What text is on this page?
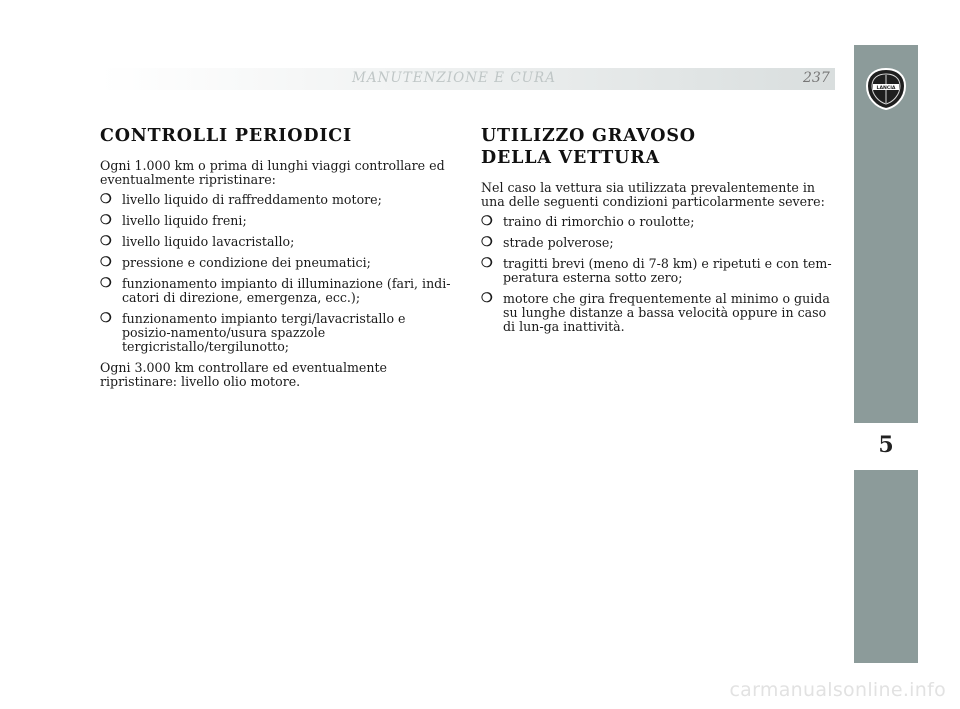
MANUTENZIONE E CURA	237
5
LANCIA
CONTROLLI PERIODICI

Ogni 1.000 km o prima di lunghi viaggi controllare ed eventualmente ripristinare:

❍ livello liquido di raffreddamento motore;
❍ livello liquido freni;
❍ livello liquido lavacristallo;
❍ pressione e condizione dei pneumatici;
❍ funzionamento impianto di illuminazione (fari, indi-catori di direzione, emergenza, ecc.);
❍ funzionamento impianto tergi/lavacristallo e posizio-namento/usura spazzole tergicristallo/tergilunotto;

Ogni 3.000 km controllare ed eventualmente ripristinare: livello olio motore.

UTILIZZO GRAVOSO
DELLA VETTURA

Nel caso la vettura sia utilizzata prevalentemente in una delle seguenti condizioni particolarmente severe:

❍ traino di rimorchio o roulotte;
❍ strade polverose;
❍ tragitti brevi (meno di 7-8 km) e ripetuti e con tem-peratura esterna sotto zero;
❍ motore che gira frequentemente al minimo o guida su lunghe distanze a bassa velocità oppure in caso di lun-ga inattività.
carmanualsonline.info
